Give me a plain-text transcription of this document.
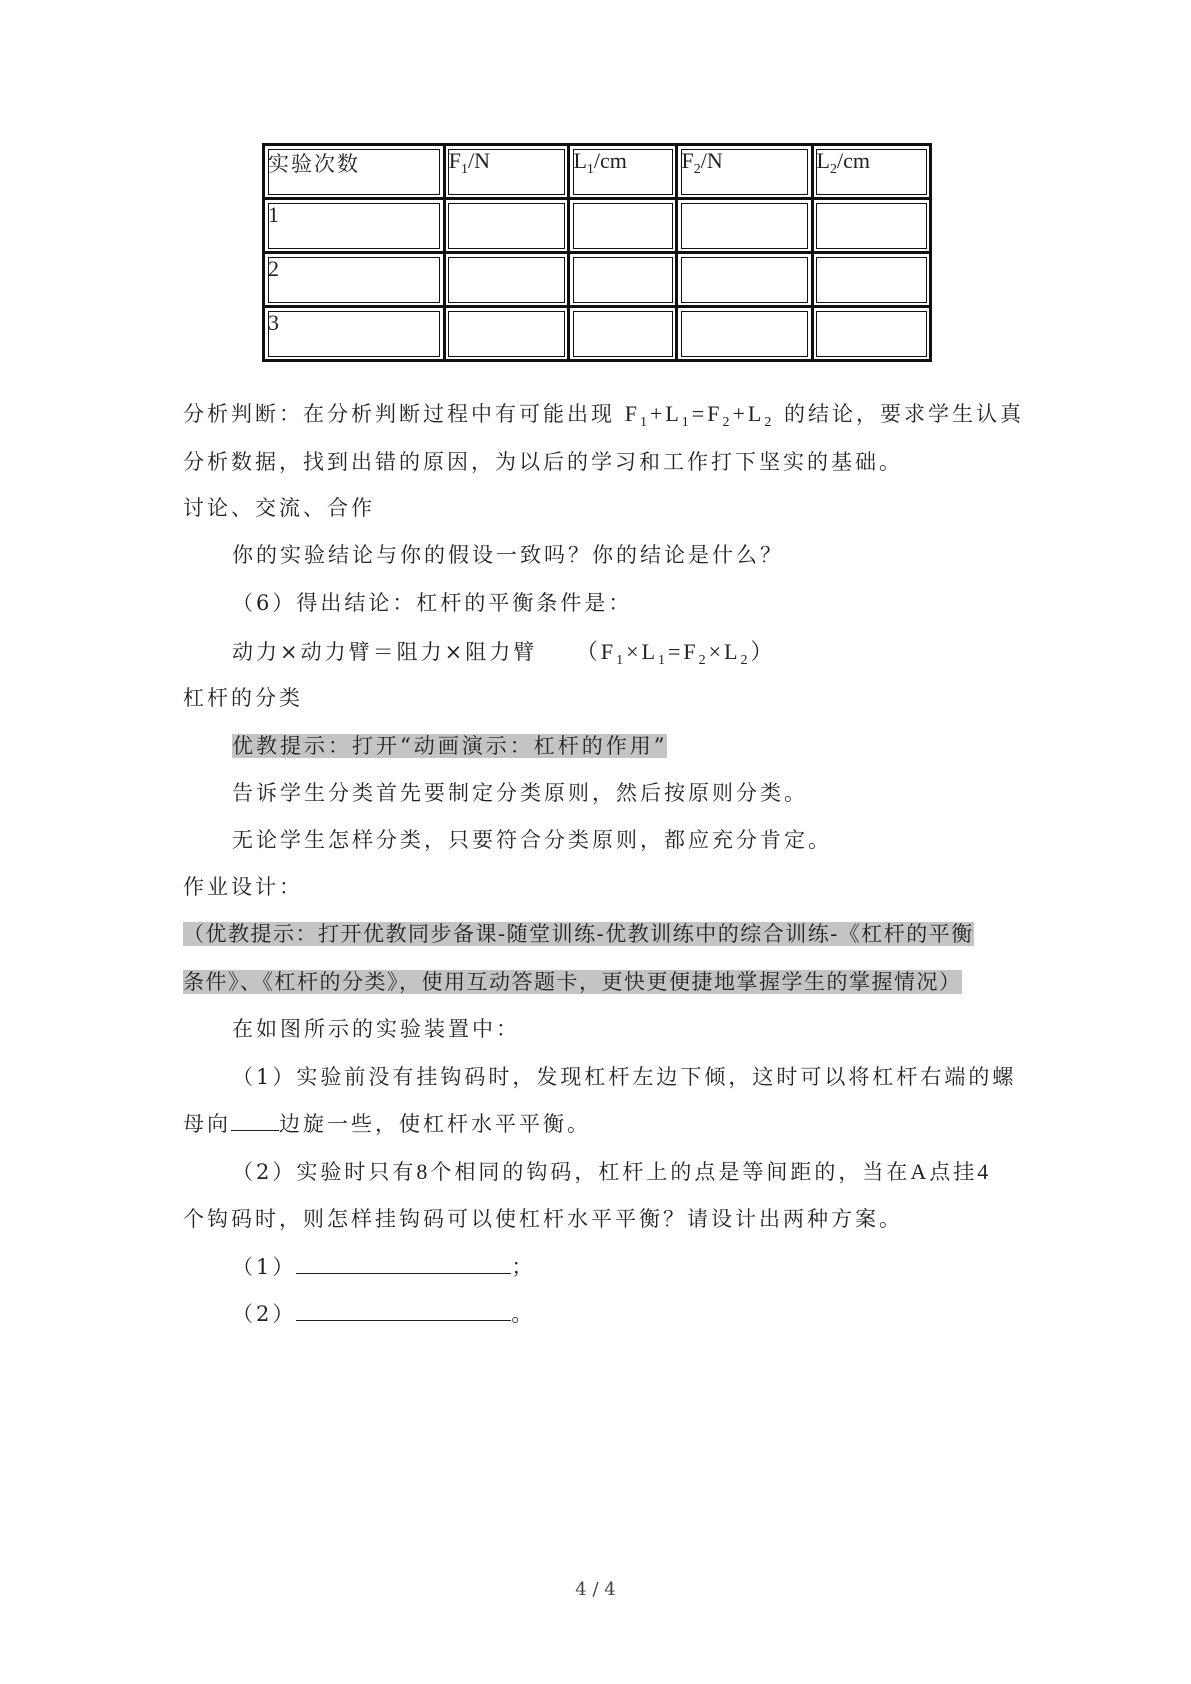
实验次数	$F_1/N$	$L_1/cm$	$F_2/N$	$L_2/cm$
1				
2				
3				
分析判断：在分析判断过程中有可能出现 $F_1+L_1=F_2+L_2$ 的结论，要求学生认真
分析数据，找到出错的原因，为以后的学习和工作打下坚实的基础。
讨论、交流、合作
你的实验结论与你的假设一致吗？你的结论是什么？
（6）得出结论：杠杆的平衡条件是：
动力×动力臂＝阻力×阻力臂 $(F_1\times L_1=F_2\times L_2)$
杠杆的分类
优教提示：打开“动画演示：杠杆的作用”
告诉学生分类首先要制定分类原则，然后按原则分类。
无论学生怎样分类，只要符合分类原则，都应充分肯定。
作业设计：
（优教提示：打开优教同步备课-随堂训练-优教训练中的综合训练-《杠杆的平衡
条件》、《杠杆的分类》，使用互动答题卡，更快更便捷地掌握学生的掌握情况）
在如图所示的实验装置中：
（1）实验前没有挂钩码时，发现杠杆左边下倾，这时可以将杠杆右端的螺
母向 边旋一些，使杠杆水平平衡。
（2）实验时只有8个相同的钩码，杠杆上的点是等间距的，当在A点挂4
个钩码时，则怎样挂钩码可以使杠杆水平平衡？请设计出两种方案。
（1）	；
（2）	。
4 / 4
